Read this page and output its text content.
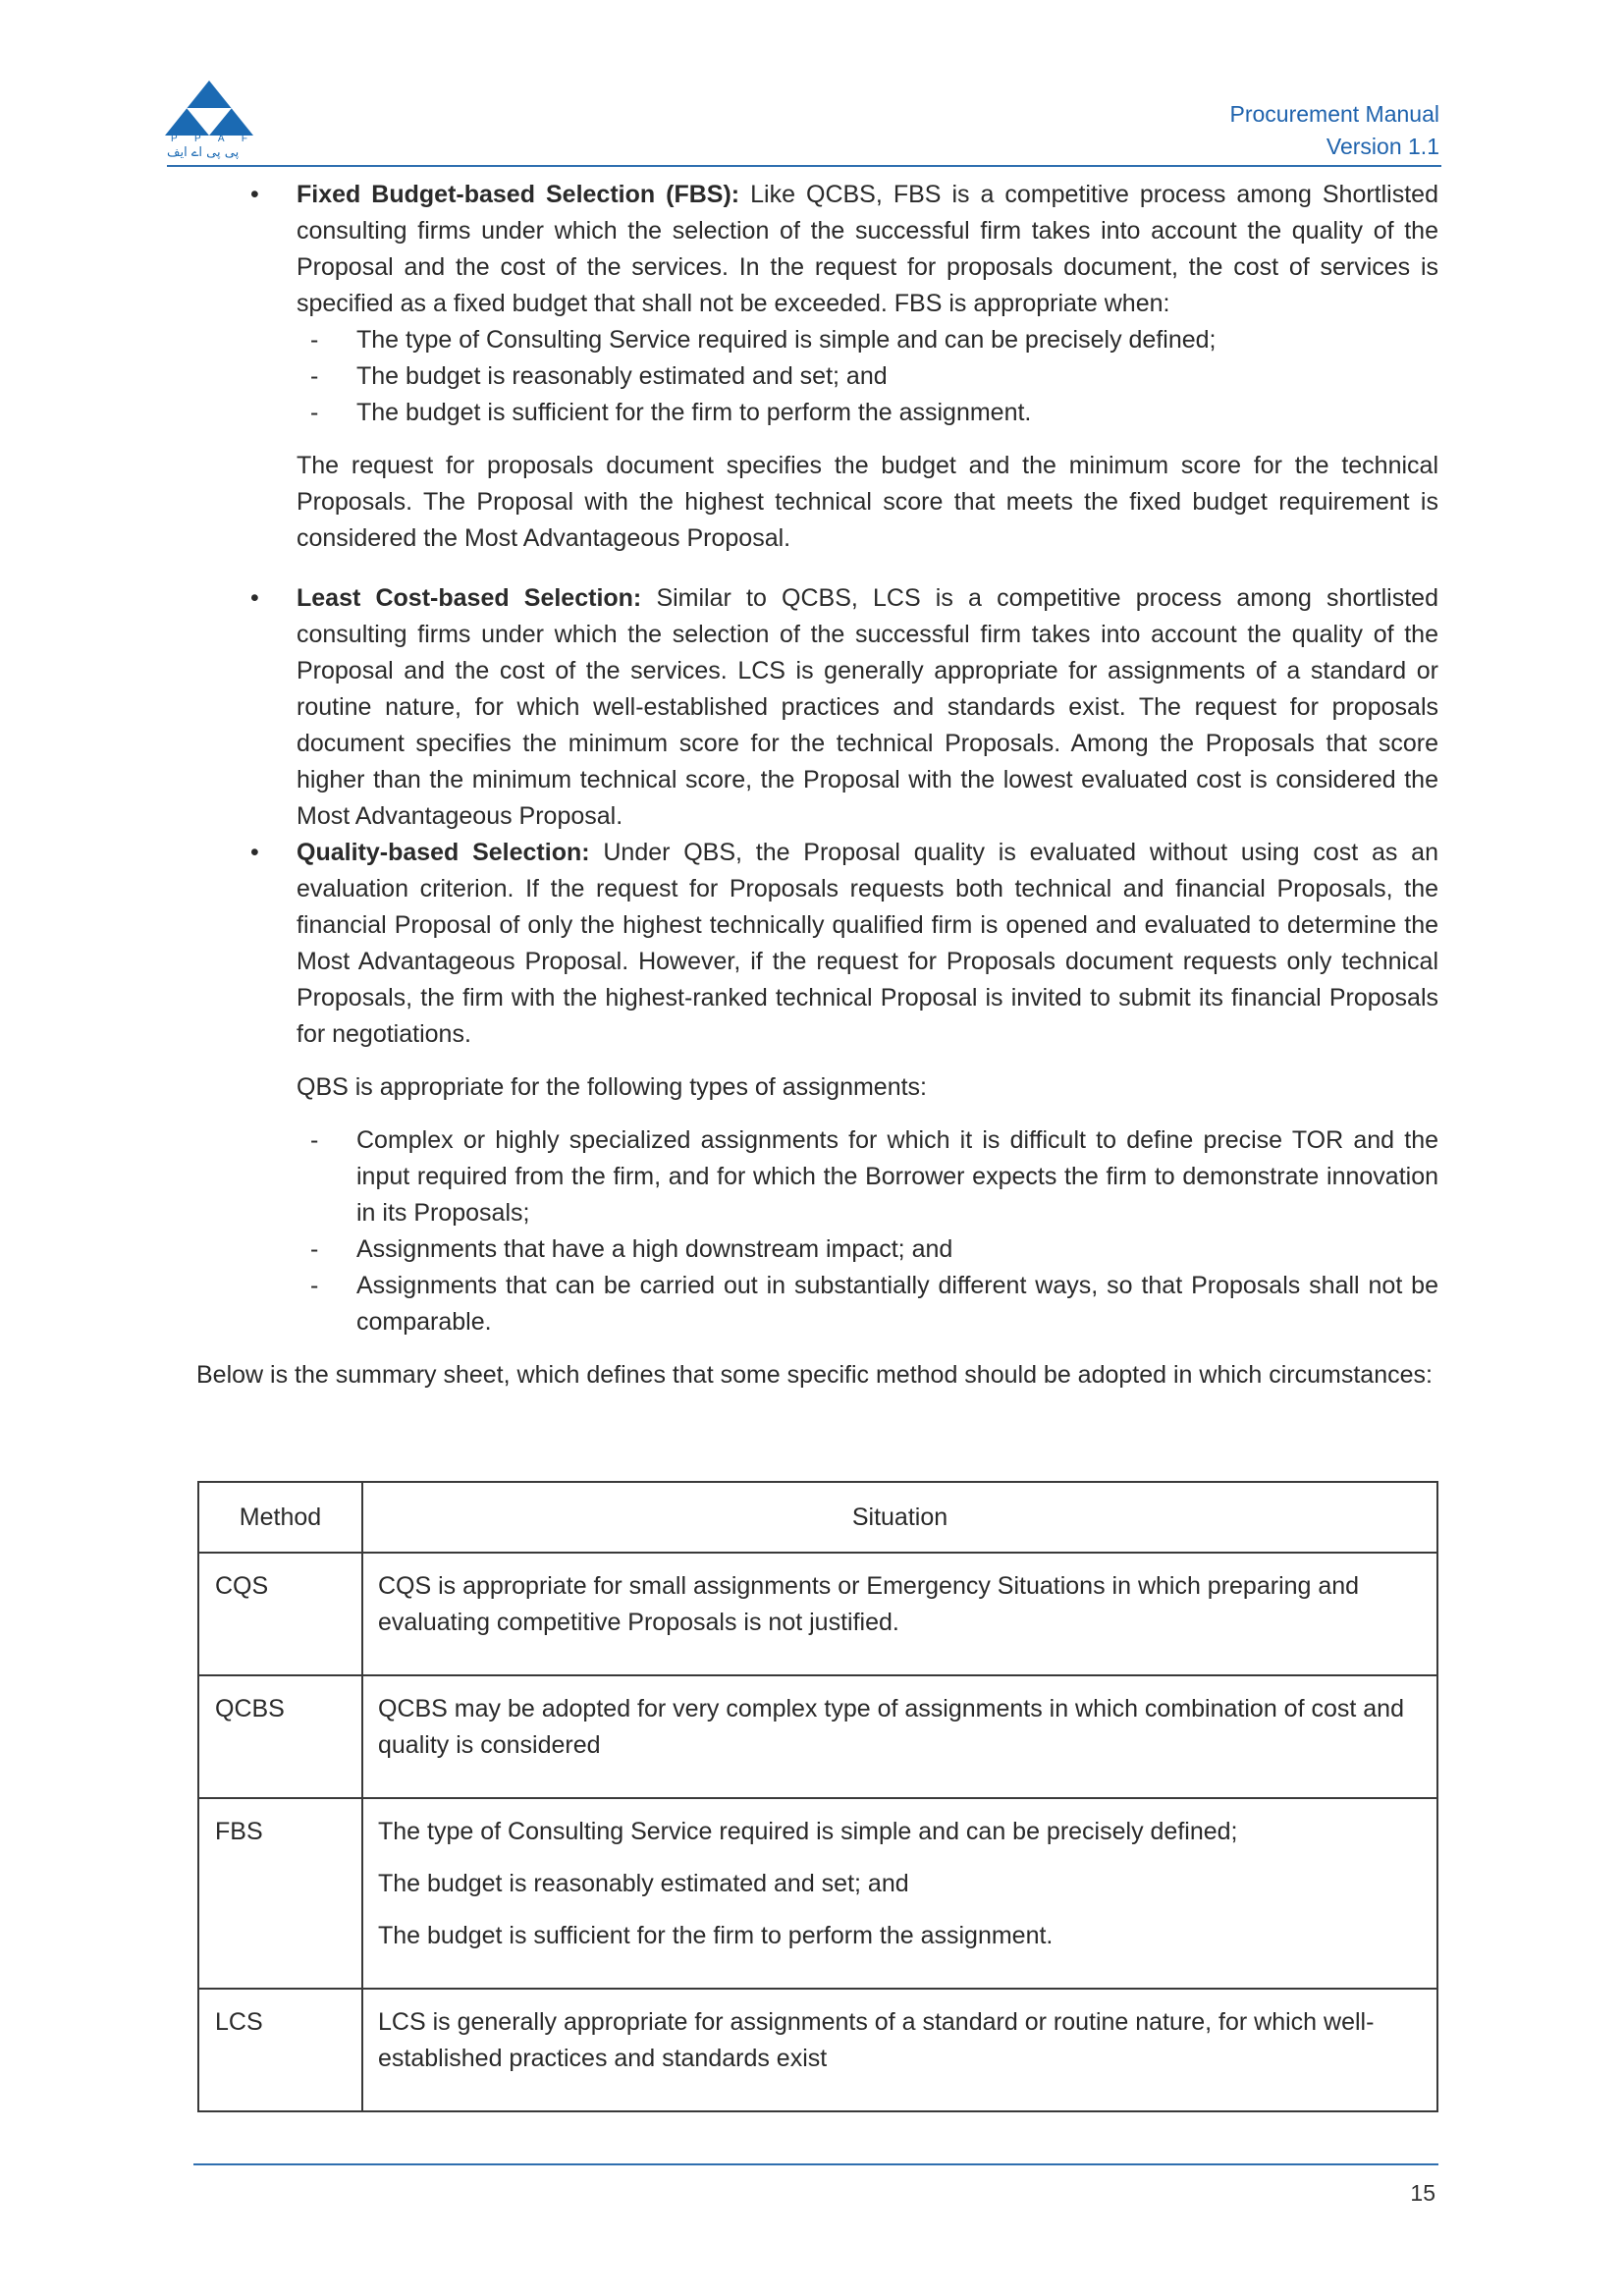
P P A F
پی پی اے ایف
Procurement Manual
Version 1.1
• Fixed Budget-based Selection (FBS): Like QCBS, FBS is a competitive process among Shortlisted consulting firms under which the selection of the successful firm takes into account the quality of the Proposal and the cost of the services. In the request for proposals document, the cost of services is specified as a fixed budget that shall not be exceeded. FBS is appropriate when:
- The type of Consulting Service required is simple and can be precisely defined;
- The budget is reasonably estimated and set; and
- The budget is sufficient for the firm to perform the assignment.
The request for proposals document specifies the budget and the minimum score for the technical Proposals. The Proposal with the highest technical score that meets the fixed budget requirement is considered the Most Advantageous Proposal.
• Least Cost-based Selection: Similar to QCBS, LCS is a competitive process among shortlisted consulting firms under which the selection of the successful firm takes into account the quality of the Proposal and the cost of the services. LCS is generally appropriate for assignments of a standard or routine nature, for which well-established practices and standards exist. The request for proposals document specifies the minimum score for the technical Proposals. Among the Proposals that score higher than the minimum technical score, the Proposal with the lowest evaluated cost is considered the Most Advantageous Proposal.
• Quality-based Selection: Under QBS, the Proposal quality is evaluated without using cost as an evaluation criterion. If the request for Proposals requests both technical and financial Proposals, the financial Proposal of only the highest technically qualified firm is opened and evaluated to determine the Most Advantageous Proposal. However, if the request for Proposals document requests only technical Proposals, the firm with the highest-ranked technical Proposal is invited to submit its financial Proposals for negotiations.
QBS is appropriate for the following types of assignments:
- Complex or highly specialized assignments for which it is difficult to define precise TOR and the input required from the firm, and for which the Borrower expects the firm to demonstrate innovation in its Proposals;
- Assignments that have a high downstream impact; and
- Assignments that can be carried out in substantially different ways, so that Proposals shall not be comparable.
Below is the summary sheet, which defines that some specific method should be adopted in which circumstances:
Method	Situation
CQS	CQS is appropriate for small assignments or Emergency Situations in which preparing and evaluating competitive Proposals is not justified.

QCBS	QCBS may be adopted for very complex type of assignments in which combination of cost and quality is considered

FBS	The type of Consulting Service required is simple and can be precisely defined;

The budget is reasonably estimated and set; and

The budget is sufficient for the firm to perform the assignment.

LCS	LCS is generally appropriate for assignments of a standard or routine nature, for which well-established practices and standards exist

15
